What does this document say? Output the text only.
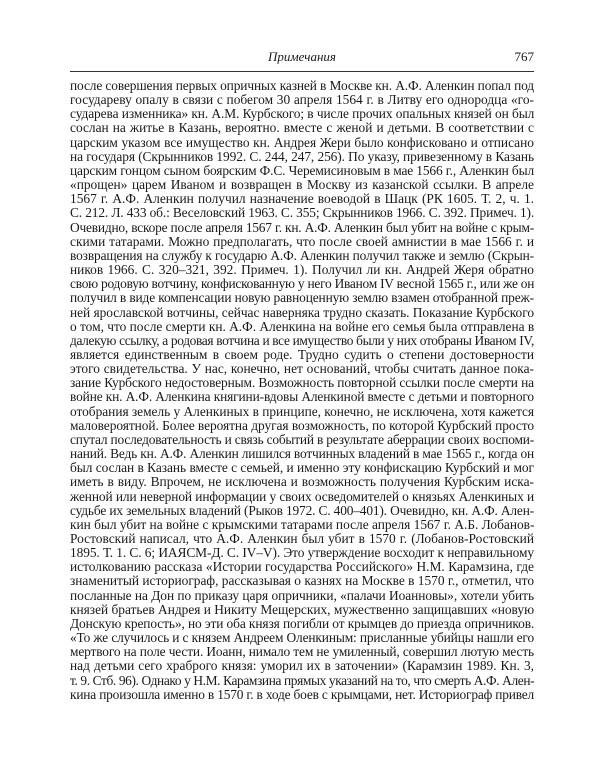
Примечания	767
после совершения первых опричных казней в Москве кн. А.Ф. Аленкин попал под
государеву опалу в связи с побегом 30 апреля 1564 г. в Литву его однородца «го-
сударева изменника» кн. А.М. Курбского; в числе прочих опальных князей он был
сослан на житье в Казань, вероятно. вместе с женой и детьми. В соответствии с
царским указом все имущество кн. Андрея Жери было конфисковано и отписано
на государя (Скрынников 1992. С. 244, 247, 256). По указу, привезенному в Казань
царским гонцом сыном боярским Ф.С. Черемисиновым в мае 1566 г., Аленкин был
«прощен» царем Иваном и возвращен в Москву из казанской ссылки. В апреле
1567 г. А.Ф. Аленкин получил назначение воеводой в Шацк (РК 1605. Т. 2, ч. 1.
С. 212. Л. 433 об.: Веселовский 1963. С. 355; Скрынников 1966. С. 392. Примеч. 1).
Очевидно, вскоре после апреля 1567 г. кн. А.Ф. Аленкин был убит на войне с крым-
скими татарами. Можно предполагать, что после своей амнистии в мае 1566 г. и
возвращения на службу к государю А.Ф. Аленкин получил также и землю (Скрын-
ников 1966. С. 320–321, 392. Примеч. 1). Получил ли кн. Андрей Жеря обратно
свою родовую вотчину, конфискованную у него Иваном IV весной 1565 г., или же он
получил в виде компенсации новую равноценную землю взамен отобранной преж-
ней ярославской вотчины, сейчас наверняка трудно сказать. Показание Курбского
о том, что после смерти кн. А.Ф. Аленкина на войне его семья была отправлена в
далекую ссылку, а родовая вотчина и все имущество были у них отобраны Иваном IV,
является единственным в своем роде. Трудно судить о степени достоверности
этого свидетельства. У нас, конечно, нет оснований, чтобы считать данное пока-
зание Курбского недостоверным. Возможность повторной ссылки после смерти на
войне кн. А.Ф. Аленкина княгини-вдовы Аленкиной вместе с детьми и повторного
отобрания земель у Аленкиных в принципе, конечно, не исключена, хотя кажется
маловероятной. Более вероятна другая возможность, по которой Курбский просто
спутал последовательность и связь событий в результате аберрации своих воспоми-
наний. Ведь кн. А.Ф. Аленкин лишился вотчинных владений в мае 1565 г., когда он
был сослан в Казань вместе с семьей, и именно эту конфискацию Курбский и мог
иметь в виду. Впрочем, не исключена и возможность получения Курбским иска-
женной или неверной информации у своих осведомителей о князьях Аленкиных и
судьбе их земельных владений (Рыков 1972. С. 400–401). Очевидно, кн. А.Ф. Ален-
кин был убит на войне с крымскими татарами после апреля 1567 г. А.Б. Лобанов-
Ростовский написал, что А.Ф. Аленкин был убит в 1570 г. (Лобанов-Ростовский
1895. Т. 1. С. 6; ИАЯСМ-Д. С. IV–V). Это утверждение восходит к неправильному
истолкованию рассказа «Истории государства Российского» Н.М. Карамзина, где
знаменитый историограф, рассказывая о казнях на Москве в 1570 г., отметил, что
посланные на Дон по приказу царя опричники, «палачи Иоанновы», хотели убить
князей братьев Андрея и Никиту Мещерских, мужественно защищавших «новую
Донскую крепость», но эти оба князя погибли от крымцев до приезда опричников.
«То же случилось и с князем Андреем Оленкиным: присланные убийцы нашли его
мертвого на поле чести. Иоанн, нимало тем не умиленный, совершил лютую месть
над детьми сего храброго князя: уморил их в заточении» (Карамзин 1989. Кн. 3,
т. 9. Стб. 96). Однако у Н.М. Карамзина прямых указаний на то, что смерть А.Ф. Ален-
кина произошла именно в 1570 г. в ходе боев с крымцами, нет. Историограф привел
